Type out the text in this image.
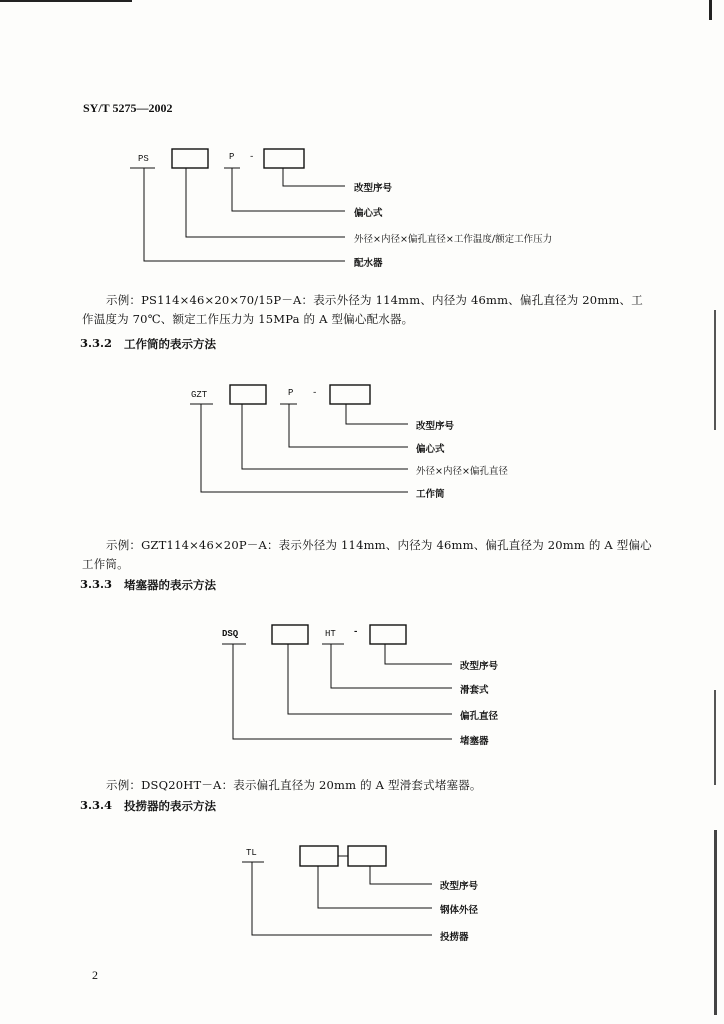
SY/T 5275—2002
PS	P -
改型序号
偏心式
外径×内径×偏孔直径×工作温度/额定工作压力
配水器
示例：PS114×46×20×70/15P－A：表示外径为 114mm、内径为 46mm、偏孔直径为 20mm、工作温度为 70℃、额定工作压力为 15MPa 的 A 型偏心配水器。
3.3.2 工作筒的表示方法
GZT	P -
改型序号
偏心式
外径×内径×偏孔直径
工作筒
示例：GZT114×46×20P－A：表示外径为 114mm、内径为 46mm、偏孔直径为 20mm 的 A 型偏心工作筒。
3.3.3 堵塞器的表示方法
DSQ	HT -
改型序号
滑套式
偏孔直径
堵塞器
示例：DSQ20HT－A：表示偏孔直径为 20mm 的 A 型滑套式堵塞器。
3.3.4 投捞器的表示方法
TL
改型序号
钢体外径
投捞器
2
